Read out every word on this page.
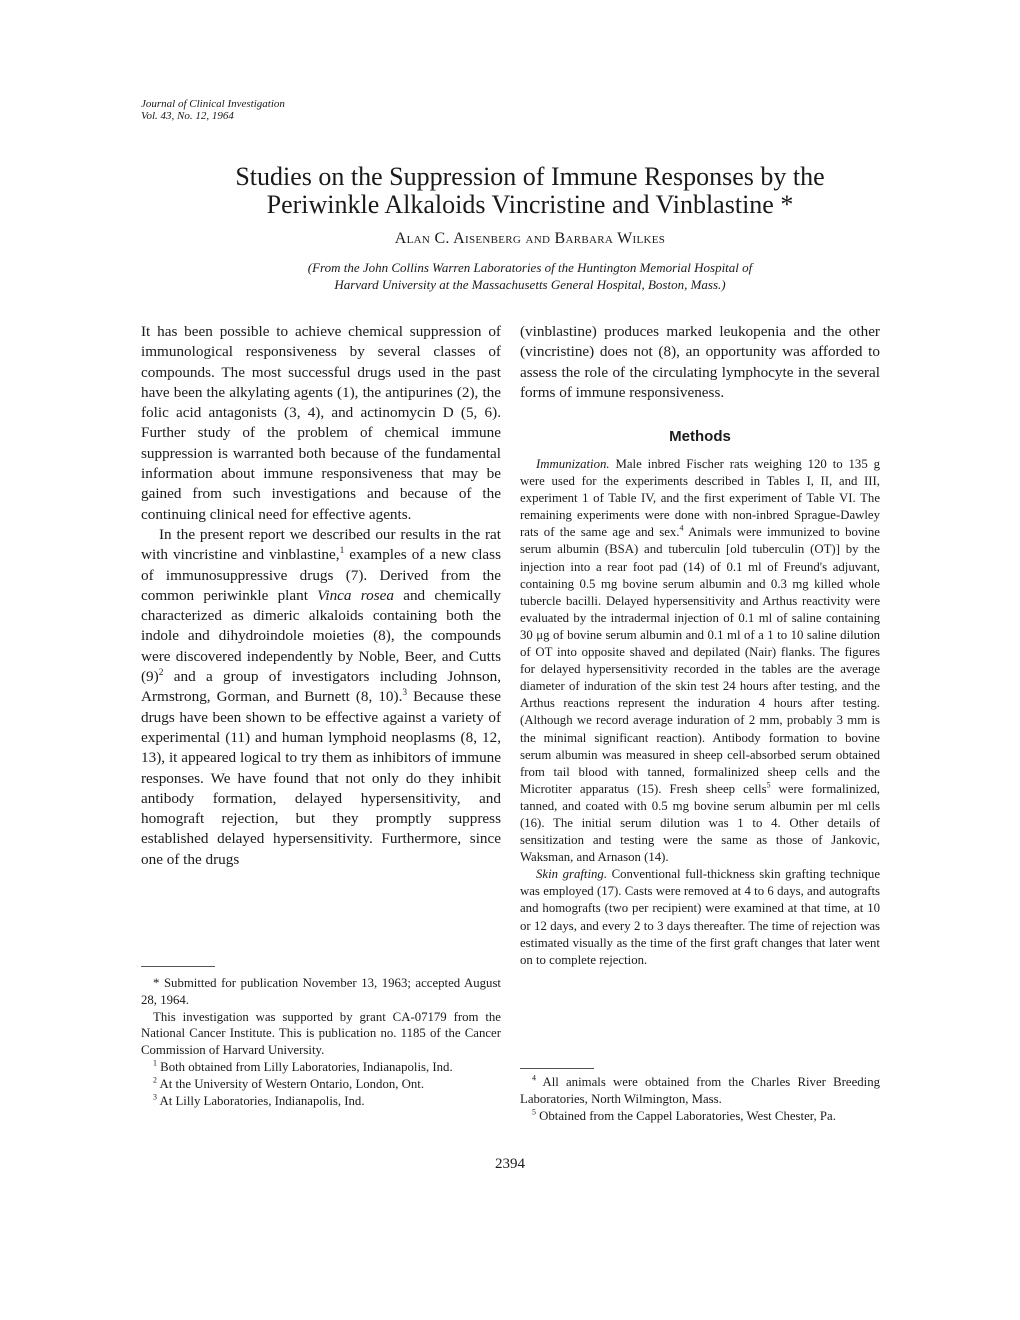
Journal of Clinical Investigation
Vol. 43, No. 12, 1964
Studies on the Suppression of Immune Responses by the
Periwinkle Alkaloids Vincristine and Vinblastine *
Alan C. Aisenberg and Barbara Wilkes
(From the John Collins Warren Laboratories of the Huntington Memorial Hospital of
Harvard University at the Massachusetts General Hospital, Boston, Mass.)

It has been possible to achieve chemical suppression of immunological responsiveness by several classes of compounds. The most successful drugs used in the past have been the alkylating agents (1), the antipurines (2), the folic acid antagonists (3, 4), and actinomycin D (5, 6). Further study of the problem of chemical immune suppression is warranted both because of the fundamental information about immune responsiveness that may be gained from such investigations and because of the continuing clinical need for effective agents.

In the present report we described our results in the rat with vincristine and vinblastine,$^1$ examples of a new class of immunosuppressive drugs (7). Derived from the common periwinkle plant Vinca rosea and chemically characterized as dimeric alkaloids containing both the indole and dihydroindole moieties (8), the compounds were discovered independently by Noble, Beer, and Cutts $(9)^2$ and a group of investigators including Johnson, Armstrong, Gorman, and Burnett (8, 10).$^3$ Because these drugs have been shown to be effective against a variety of experimental (11) and human lymphoid neoplasms (8, 12, 13), it appeared logical to try them as inhibitors of immune responses. We have found that not only do they inhibit antibody formation, delayed hypersensitivity, and homograft rejection, but they promptly suppress established delayed hypersensitivity. Furthermore, since one of the drugs

(vinblastine) produces marked leukopenia and the other (vincristine) does not (8), an opportunity was afforded to assess the role of the circulating lymphocyte in the several forms of immune responsiveness.

Methods

Immunization. Male inbred Fischer rats weighing 120 to 135 g were used for the experiments described in Tables I, II, and III, experiment 1 of Table IV, and the first experiment of Table VI. The remaining experiments were done with non-inbred Sprague-Dawley rats of the same age and sex.$^4$ Animals were immunized to bovine serum albumin (BSA) and tuberculin [old tuberculin (OT)] by the injection into a rear foot pad (14) of 0.1 ml of Freund's adjuvant, containing 0.5 mg bovine serum albumin and 0.3 mg killed whole tubercle bacilli. Delayed hypersensitivity and Arthus reactivity were evaluated by the intradermal injection of 0.1 ml of saline containing 30 μg of bovine serum albumin and 0.1 ml of a 1 to 10 saline dilution of OT into opposite shaved and depilated (Nair) flanks. The figures for delayed hypersensitivity recorded in the tables are the average diameter of induration of the skin test 24 hours after testing, and the Arthus reactions represent the induration 4 hours after testing. (Although we record average induration of 2 mm, probably 3 mm is the minimal significant reaction). Antibody formation to bovine serum albumin was measured in sheep cell-absorbed serum obtained from tail blood with tanned, formalinized sheep cells and the Microtiter apparatus (15). Fresh sheep cells$^5$ were formalinized, tanned, and coated with 0.5 mg bovine serum albumin per ml cells (16). The initial serum dilution was 1 to 4. Other details of sensitization and testing were the same as those of Jankovic, Waksman, and Arnason (14).

Skin grafting. Conventional full-thickness skin grafting technique was employed (17). Casts were removed at 4 to 6 days, and autografts and homografts (two per recipient) were examined at that time, at 10 or 12 days, and every 2 to 3 days thereafter. The time of rejection was estimated visually as the time of the first graft changes that later went on to complete rejection.

* Submitted for publication November 13, 1963; accepted August 28, 1964.

This investigation was supported by grant CA-07179 from the National Cancer Institute. This is publication no. 1185 of the Cancer Commission of Harvard University.

$^1$ Both obtained from Lilly Laboratories, Indianapolis, Ind.

$^2$ At the University of Western Ontario, London, Ont.

$^3$ At Lilly Laboratories, Indianapolis, Ind.

$^4$ All animals were obtained from the Charles River Breeding Laboratories, North Wilmington, Mass.

$^5$ Obtained from the Cappel Laboratories, West Chester, Pa.

2394
